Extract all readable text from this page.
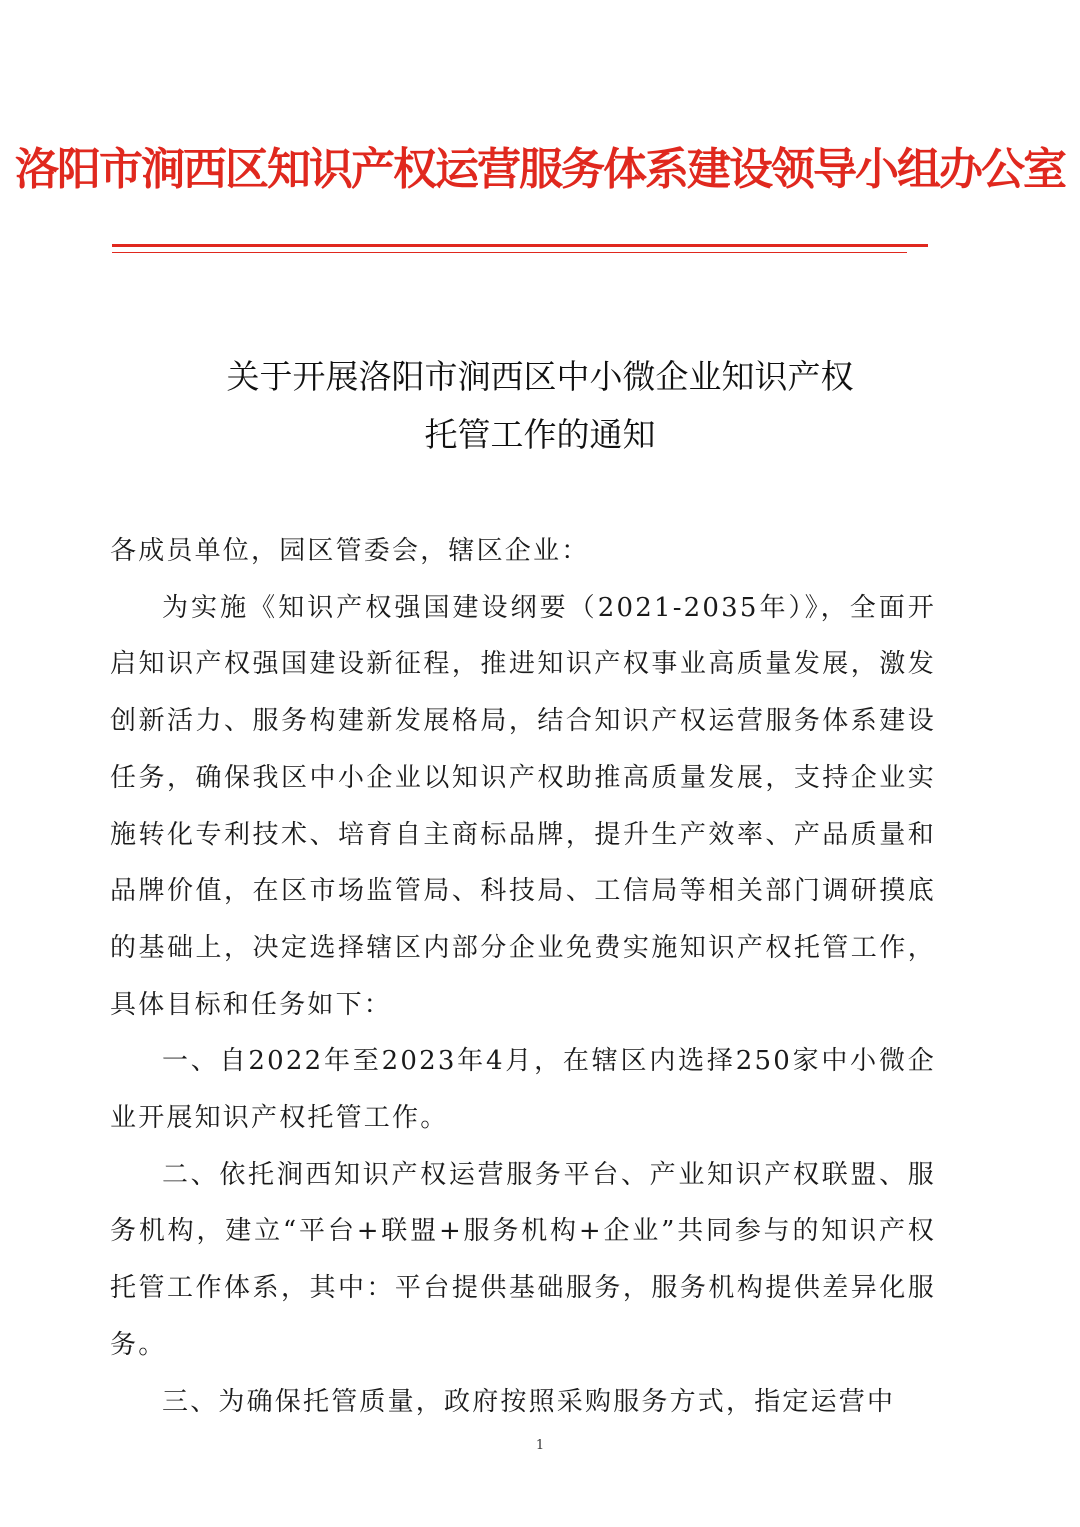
洛阳市涧西区知识产权运营服务体系建设领导小组办公室
关于开展洛阳市涧西区中小微企业知识产权
托管工作的通知

各成员单位，园区管委会，辖区企业：

为实施《知识产权强国建设纲要（2021-2035年）》，全面开启知识产权强国建设新征程，推进知识产权事业高质量发展，激发创新活力、服务构建新发展格局，结合知识产权运营服务体系建设任务，确保我区中小企业以知识产权助推高质量发展，支持企业实施转化专利技术、培育自主商标品牌，提升生产效率、产品质量和品牌价值，在区市场监管局、科技局、工信局等相关部门调研摸底的基础上，决定选择辖区内部分企业免费实施知识产权托管工作，具体目标和任务如下：

一、自2022年至2023年4月，在辖区内选择250家中小微企业开展知识产权托管工作。

二、依托涧西知识产权运营服务平台、产业知识产权联盟、服务机构，建立“平台+联盟+服务机构+企业”共同参与的知识产权托管工作体系，其中：平台提供基础服务，服务机构提供差异化服务。

三、为确保托管质量，政府按照采购服务方式，指定运营中

1
